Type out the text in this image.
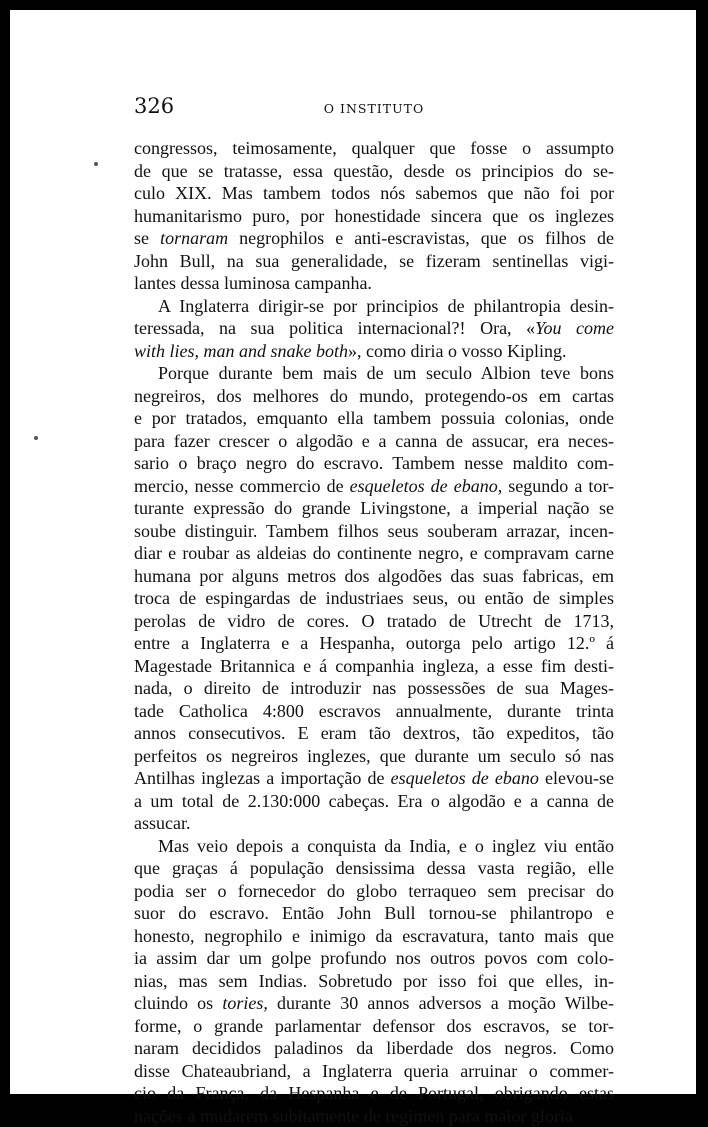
326	O INSTITUTO
congressos, teimosamente, qualquer que fosse o assumpto
de que se tratasse, essa questão, desde os principios do se-
culo XIX. Mas tambem todos nós sabemos que não foi por
humanitarismo puro, por honestidade sincera que os inglezes
se tornaram negrophilos e anti-escravistas, que os filhos de
John Bull, na sua generalidade, se fizeram sentinellas vigi-
lantes dessa luminosa campanha.
A Inglaterra dirigir-se por principios de philantropia desin-
teressada, na sua politica internacional?! Ora, «You come
with lies, man and snake both», como diria o vosso Kipling.
Porque durante bem mais de um seculo Albion teve bons
negreiros, dos melhores do mundo, protegendo-os em cartas
e por tratados, emquanto ella tambem possuia colonias, onde
para fazer crescer o algodão e a canna de assucar, era neces-
sario o braço negro do escravo. Tambem nesse maldito com-
mercio, nesse commercio de esqueletos de ebano, segundo a tor-
turante expressão do grande Livingstone, a imperial nação se
soube distinguir. Tambem filhos seus souberam arrazar, incen-
diar e roubar as aldeias do continente negro, e compravam carne
humana por alguns metros dos algodões das suas fabricas, em
troca de espingardas de industriaes seus, ou então de simples
perolas de vidro de cores. O tratado de Utrecht de 1713,
entre a Inglaterra e a Hespanha, outorga pelo artigo 12.º á
Magestade Britannica e á companhia ingleza, a esse fim desti-
nada, o direito de introduzir nas possessões de sua Mages-
tade Catholica 4:800 escravos annualmente, durante trinta
annos consecutivos. E eram tão dextros, tão expeditos, tão
perfeitos os negreiros inglezes, que durante um seculo só nas
Antilhas inglezas a importação de esqueletos de ebano elevou-se
a um total de 2.130:000 cabeças. Era o algodão e a canna de
assucar.
Mas veio depois a conquista da India, e o inglez viu então
que graças á população densissima dessa vasta região, elle
podia ser o fornecedor do globo terraqueo sem precisar do
suor do escravo. Então John Bull tornou-se philantropo e
honesto, negrophilo e inimigo da escravatura, tanto mais que
ia assim dar um golpe profundo nos outros povos com colo-
nias, mas sem Indias. Sobretudo por isso foi que elles, in-
cluindo os tories, durante 30 annos adversos a moção Wilbe-
forme, o grande parlamentar defensor dos escravos, se tor-
naram decididos paladinos da liberdade dos negros. Como
disse Chateaubriand, a Inglaterra queria arruinar o commer-
cio da França, da Hespanha e de Portugal, obrigando estas
nações a mudarem subitamente de regimen para maior gloria
